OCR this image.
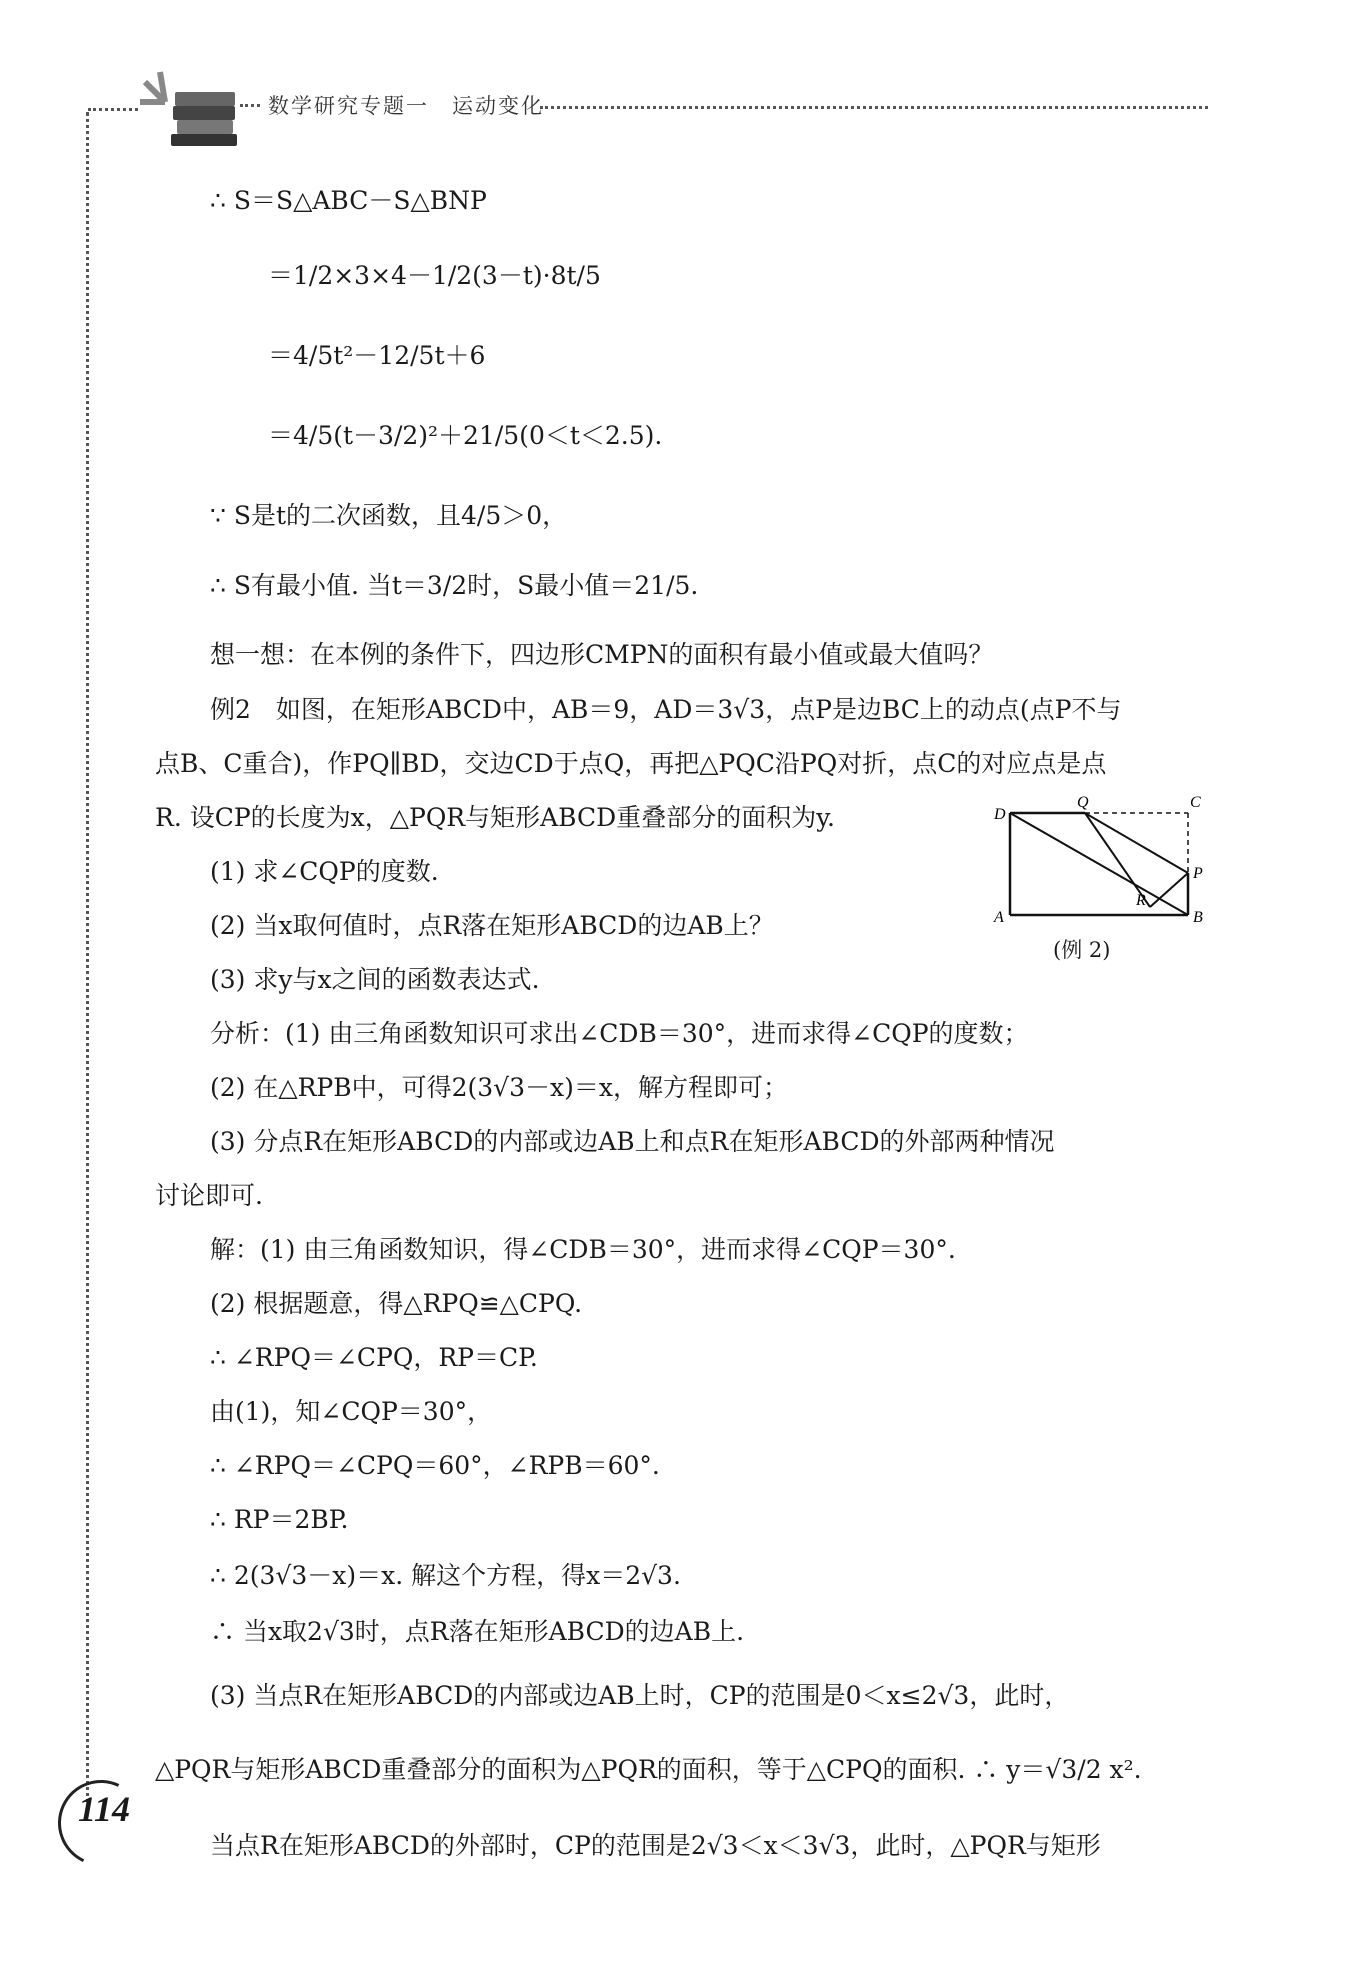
数学研究专题一　运动变化
∴ S＝S△ABC－S△BNP
＝1/2×3×4－1/2(3－t)·8t/5
＝4/5t²－12/5t＋6
＝4/5(t－3/2)²＋21/5(0＜t＜2.5).
∵ S是t的二次函数，且4/5＞0，
∴ S有最小值. 当t＝3/2时，S最小值＝21/5.
想一想：在本例的条件下，四边形CMPN的面积有最小值或最大值吗？
例2　如图，在矩形ABCD中，AB＝9，AD＝3√3，点P是边BC上的动点(点P不与
点B、C重合)，作PQ∥BD，交边CD于点Q，再把△PQC沿PQ对折，点C的对应点是点
R. 设CP的长度为x，△PQR与矩形ABCD重叠部分的面积为y.
(1) 求∠CQP的度数.
(2) 当x取何值时，点R落在矩形ABCD的边AB上？
(3) 求y与x之间的函数表达式.
分析：(1) 由三角函数知识可求出∠CDB＝30°，进而求得∠CQP的度数；
(2) 在△RPB中，可得2(3√3－x)＝x，解方程即可；
(3) 分点R在矩形ABCD的内部或边AB上和点R在矩形ABCD的外部两种情况
讨论即可.
解：(1) 由三角函数知识，得∠CDB＝30°，进而求得∠CQP＝30°.
(2) 根据题意，得△RPQ≌△CPQ.
∴ ∠RPQ＝∠CPQ，RP＝CP.
由(1)，知∠CQP＝30°，
∴ ∠RPQ＝∠CPQ＝60°，∠RPB＝60°.
∴ RP＝2BP.
∴ 2(3√3－x)＝x. 解这个方程，得x＝2√3.
∴ 当x取2√3时，点R落在矩形ABCD的边AB上.
(3) 当点R在矩形ABCD的内部或边AB上时，CP的范围是0＜x≤2√3，此时，
△PQR与矩形ABCD重叠部分的面积为△PQR的面积，等于△CPQ的面积. ∴ y＝√3/2 x².
当点R在矩形ABCD的外部时，CP的范围是2√3＜x＜3√3，此时，△PQR与矩形
D
Q	C
P
R
A	B
(例 2)
114
